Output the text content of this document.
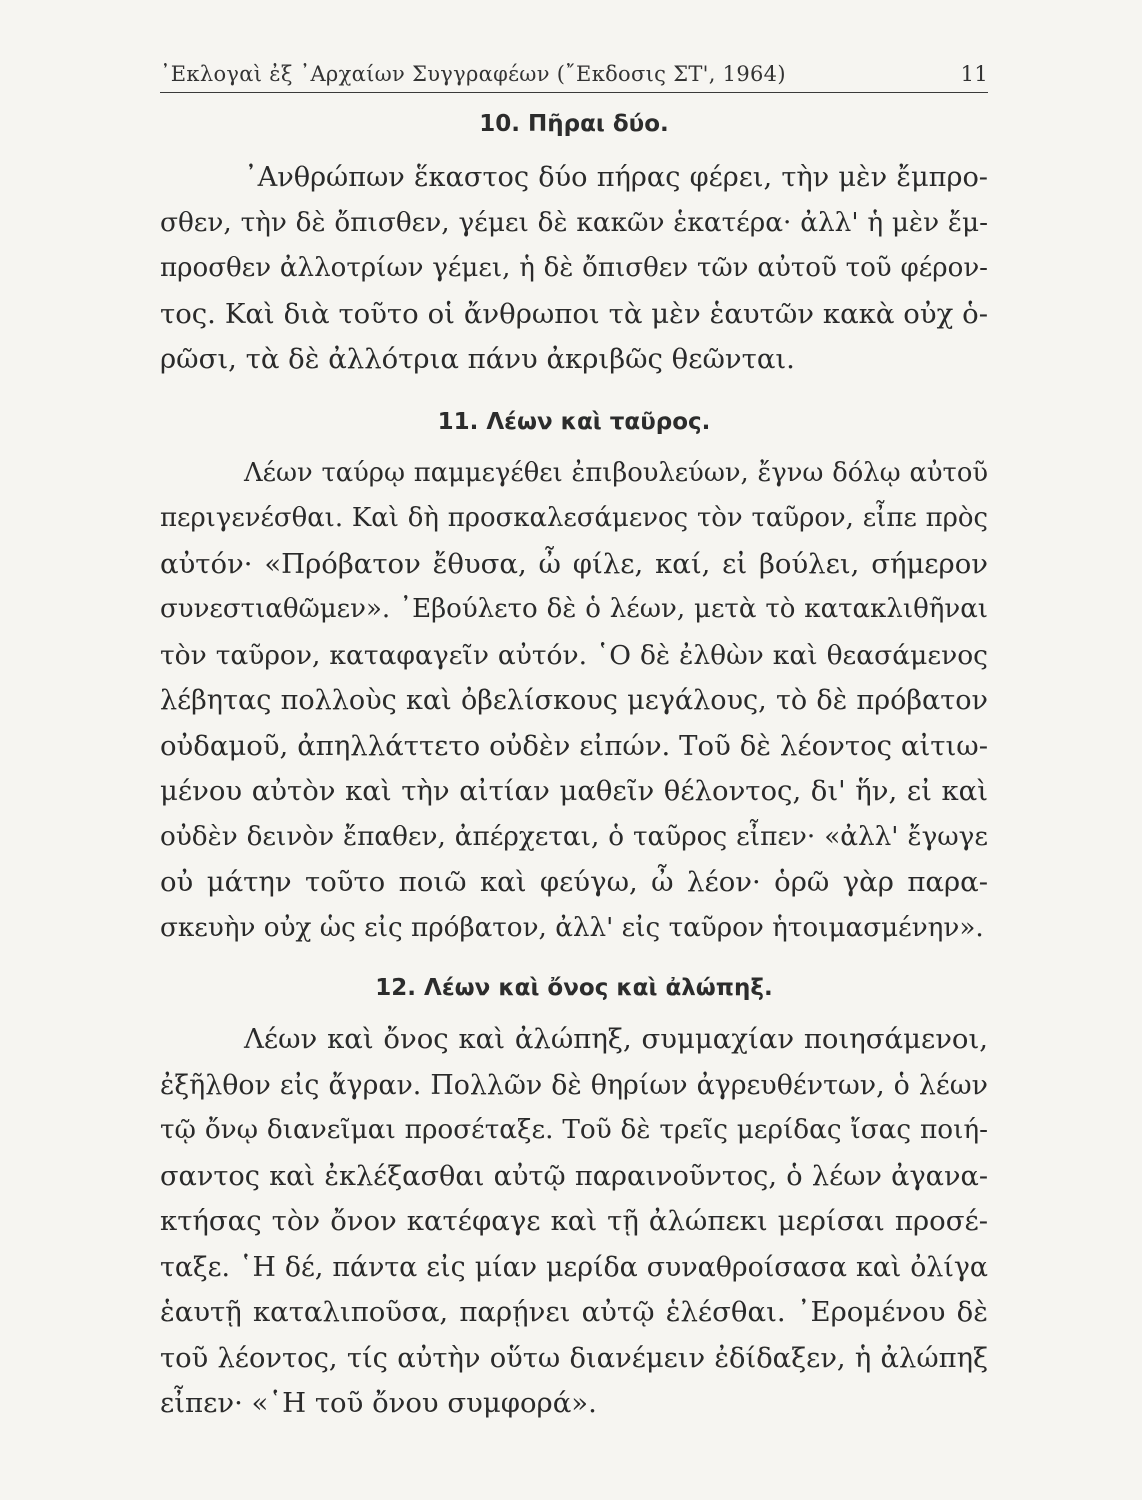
᾿Εκλογαὶ ἐξ ᾿Αρχαίων Συγγραφέων (῎Εκδοσις ΣΤ', 1964)	11
10. Πῆραι δύο.
᾿Ανθρώπων ἕκαστος δύο πήρας φέρει, τὴν μὲν ἔμπρο-
σθεν, τὴν δὲ ὄπισθεν, γέμει δὲ κακῶν ἑκατέρα· ἀλλ' ἡ μὲν ἔμ-
προσθεν ἀλλοτρίων γέμει, ἡ δὲ ὄπισθεν τῶν αὐτοῦ τοῦ φέρον-
τος. Καὶ διὰ τοῦτο οἱ ἄνθρωποι τὰ μὲν ἑαυτῶν κακὰ οὐχ ὁ-
ρῶσι, τὰ δὲ ἀλλότρια πάνυ ἀκριβῶς θεῶνται.
11. Λέων καὶ ταῦρος.
Λέων ταύρῳ παμμεγέθει ἐπιβουλεύων, ἔγνω δόλῳ αὐτοῦ
περιγενέσθαι. Καὶ δὴ προσκαλεσάμενος τὸν ταῦρον, εἶπε πρὸς
αὐτόν· «Πρόβατον ἔθυσα, ὦ φίλε, καί, εἰ βούλει, σήμερον
συνεστιαθῶμεν». ᾿Εβούλετο δὲ ὁ λέων, μετὰ τὸ κατακλιθῆναι
τὸν ταῦρον, καταφαγεῖν αὐτόν. ῾Ο δὲ ἐλθὼν καὶ θεασάμενος
λέβητας πολλοὺς καὶ ὀβελίσκους μεγάλους, τὸ δὲ πρόβατον
οὐδαμοῦ, ἀπηλλάττετο οὐδὲν εἰπών. Τοῦ δὲ λέοντος αἰτιω-
μένου αὐτὸν καὶ τὴν αἰτίαν μαθεῖν θέλοντος, δι' ἥν, εἰ καὶ
οὐδὲν δεινὸν ἔπαθεν, ἀπέρχεται, ὁ ταῦρος εἶπεν· «ἀλλ' ἔγωγε
οὐ μάτην τοῦτο ποιῶ καὶ φεύγω, ὦ λέον· ὁρῶ γὰρ παρα-
σκευὴν οὐχ ὡς εἰς πρόβατον, ἀλλ' εἰς ταῦρον ἡτοιμασμένην».
12. Λέων καὶ ὄνος καὶ ἀλώπηξ.
Λέων καὶ ὄνος καὶ ἀλώπηξ, συμμαχίαν ποιησάμενοι,
ἐξῆλθον εἰς ἄγραν. Πολλῶν δὲ θηρίων ἀγρευθέντων, ὁ λέων
τῷ ὄνῳ διανεῖμαι προσέταξε. Τοῦ δὲ τρεῖς μερίδας ἴσας ποιή-
σαντος καὶ ἐκλέξασθαι αὐτῷ παραινοῦντος, ὁ λέων ἀγανα-
κτήσας τὸν ὄνον κατέφαγε καὶ τῇ ἀλώπεκι μερίσαι προσέ-
ταξε. ῾Η δέ, πάντα εἰς μίαν μερίδα συναθροίσασα καὶ ὀλίγα
ἑαυτῇ καταλιποῦσα, παρῄνει αὐτῷ ἑλέσθαι. ᾿Ερομένου δὲ
τοῦ λέοντος, τίς αὐτὴν οὕτω διανέμειν ἐδίδαξεν, ἡ ἀλώπηξ
εἶπεν· «῾Η τοῦ ὄνου συμφορά».
